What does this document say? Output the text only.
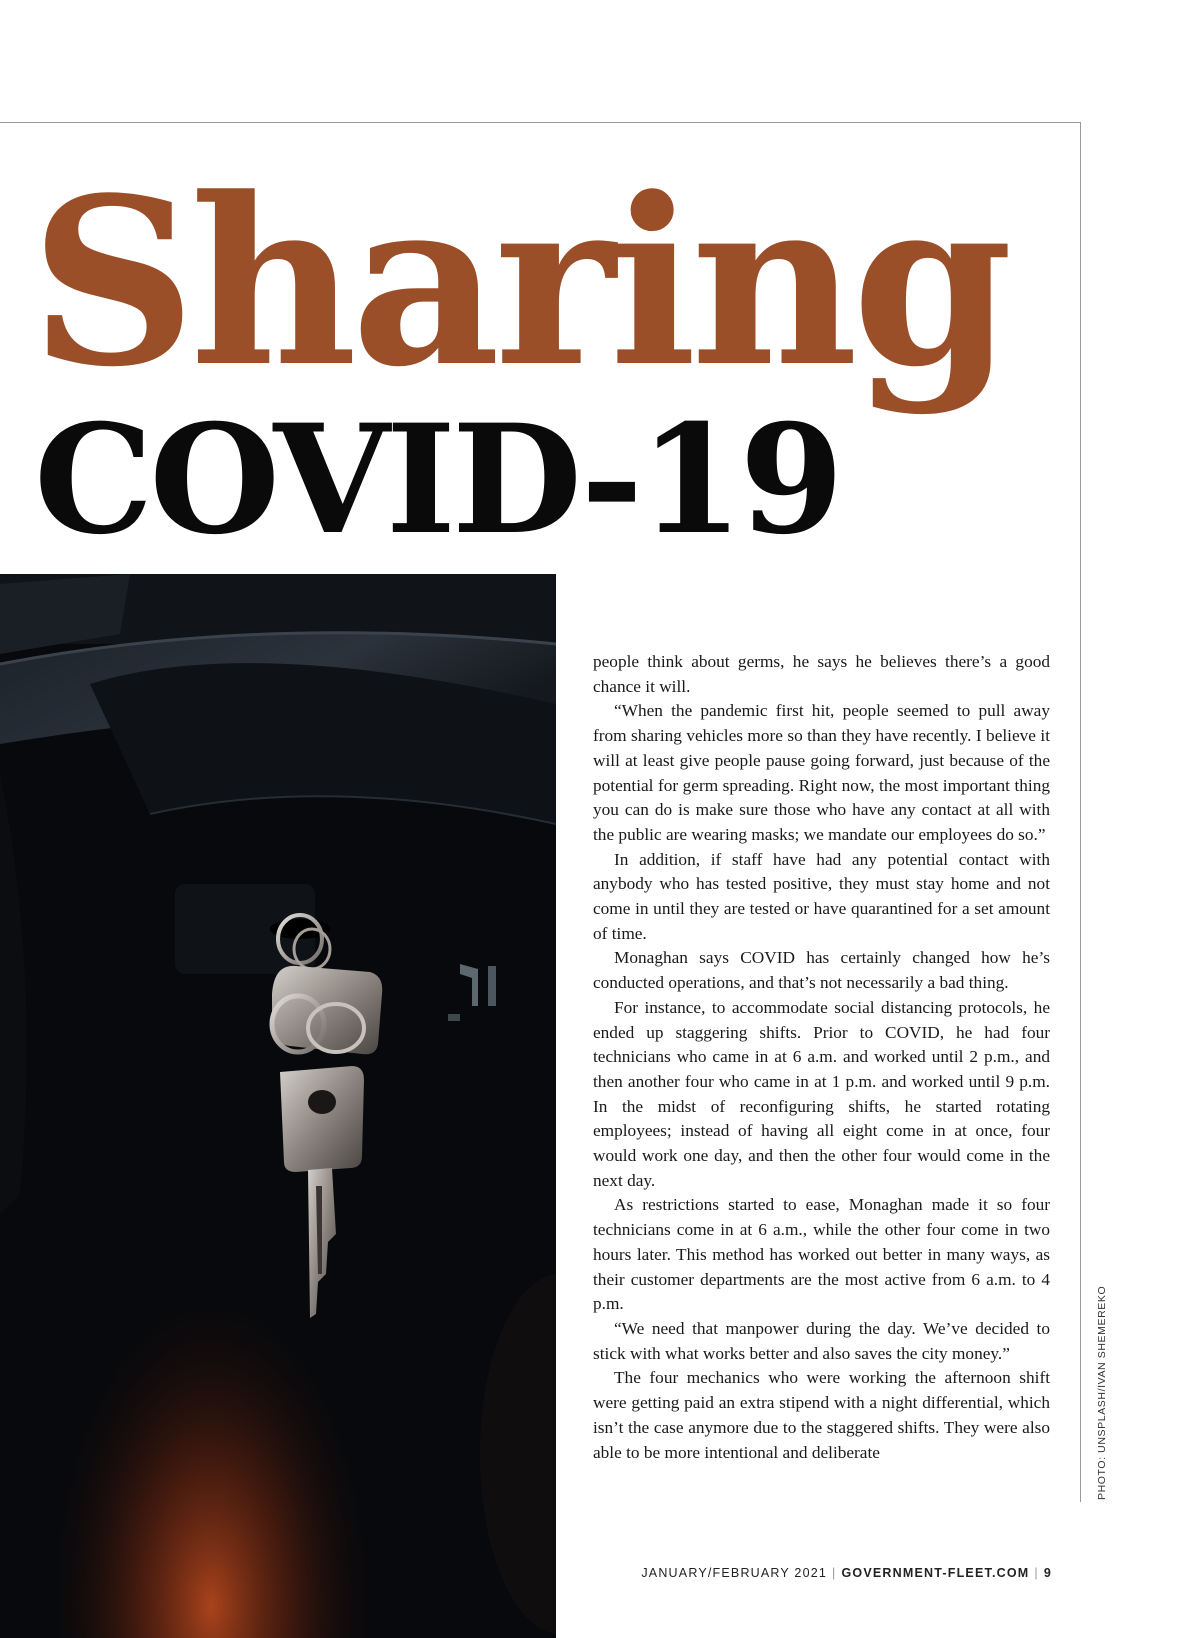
Sharing
COVID-19

people think about germs, he says he believes there’s a good chance it will.

“When the pandemic first hit, people seemed to pull away from sharing vehicles more so than they have recently. I believe it will at least give people pause going forward, just because of the potential for germ spreading. Right now, the most important thing you can do is make sure those who have any contact at all with the public are wearing masks; we mandate our employees do so.”

In addition, if staff have had any potential contact with anybody who has tested positive, they must stay home and not come in until they are tested or have quarantined for a set amount of time.

Monaghan says COVID has certainly changed how he’s conducted operations, and that’s not necessarily a bad thing.

For instance, to accommodate social distancing protocols, he ended up staggering shifts. Prior to COVID, he had four technicians who came in at 6 a.m. and worked until 2 p.m., and then another four who came in at 1 p.m. and worked until 9 p.m. In the midst of reconfiguring shifts, he started rotating employees; instead of having all eight come in at once, four would work one day, and then the other four would come in the next day.

As restrictions started to ease, Monaghan made it so four technicians come in at 6 a.m., while the other four come in two hours later. This method has worked out better in many ways, as their customer departments are the most active from 6 a.m. to 4 p.m.

“We need that manpower during the day. We’ve decided to stick with what works better and also saves the city money.”

The four mechanics who were working the afternoon shift were getting paid an extra stipend with a night differential, which isn’t the case anymore due to the staggered shifts. They were also able to be more intentional and deliberate	PHOTO: UNSPLASH/IVAN SHEMEREKO
JANUARY/FEBRUARY 2021 | GOVERNMENT-FLEET.COM | 9
